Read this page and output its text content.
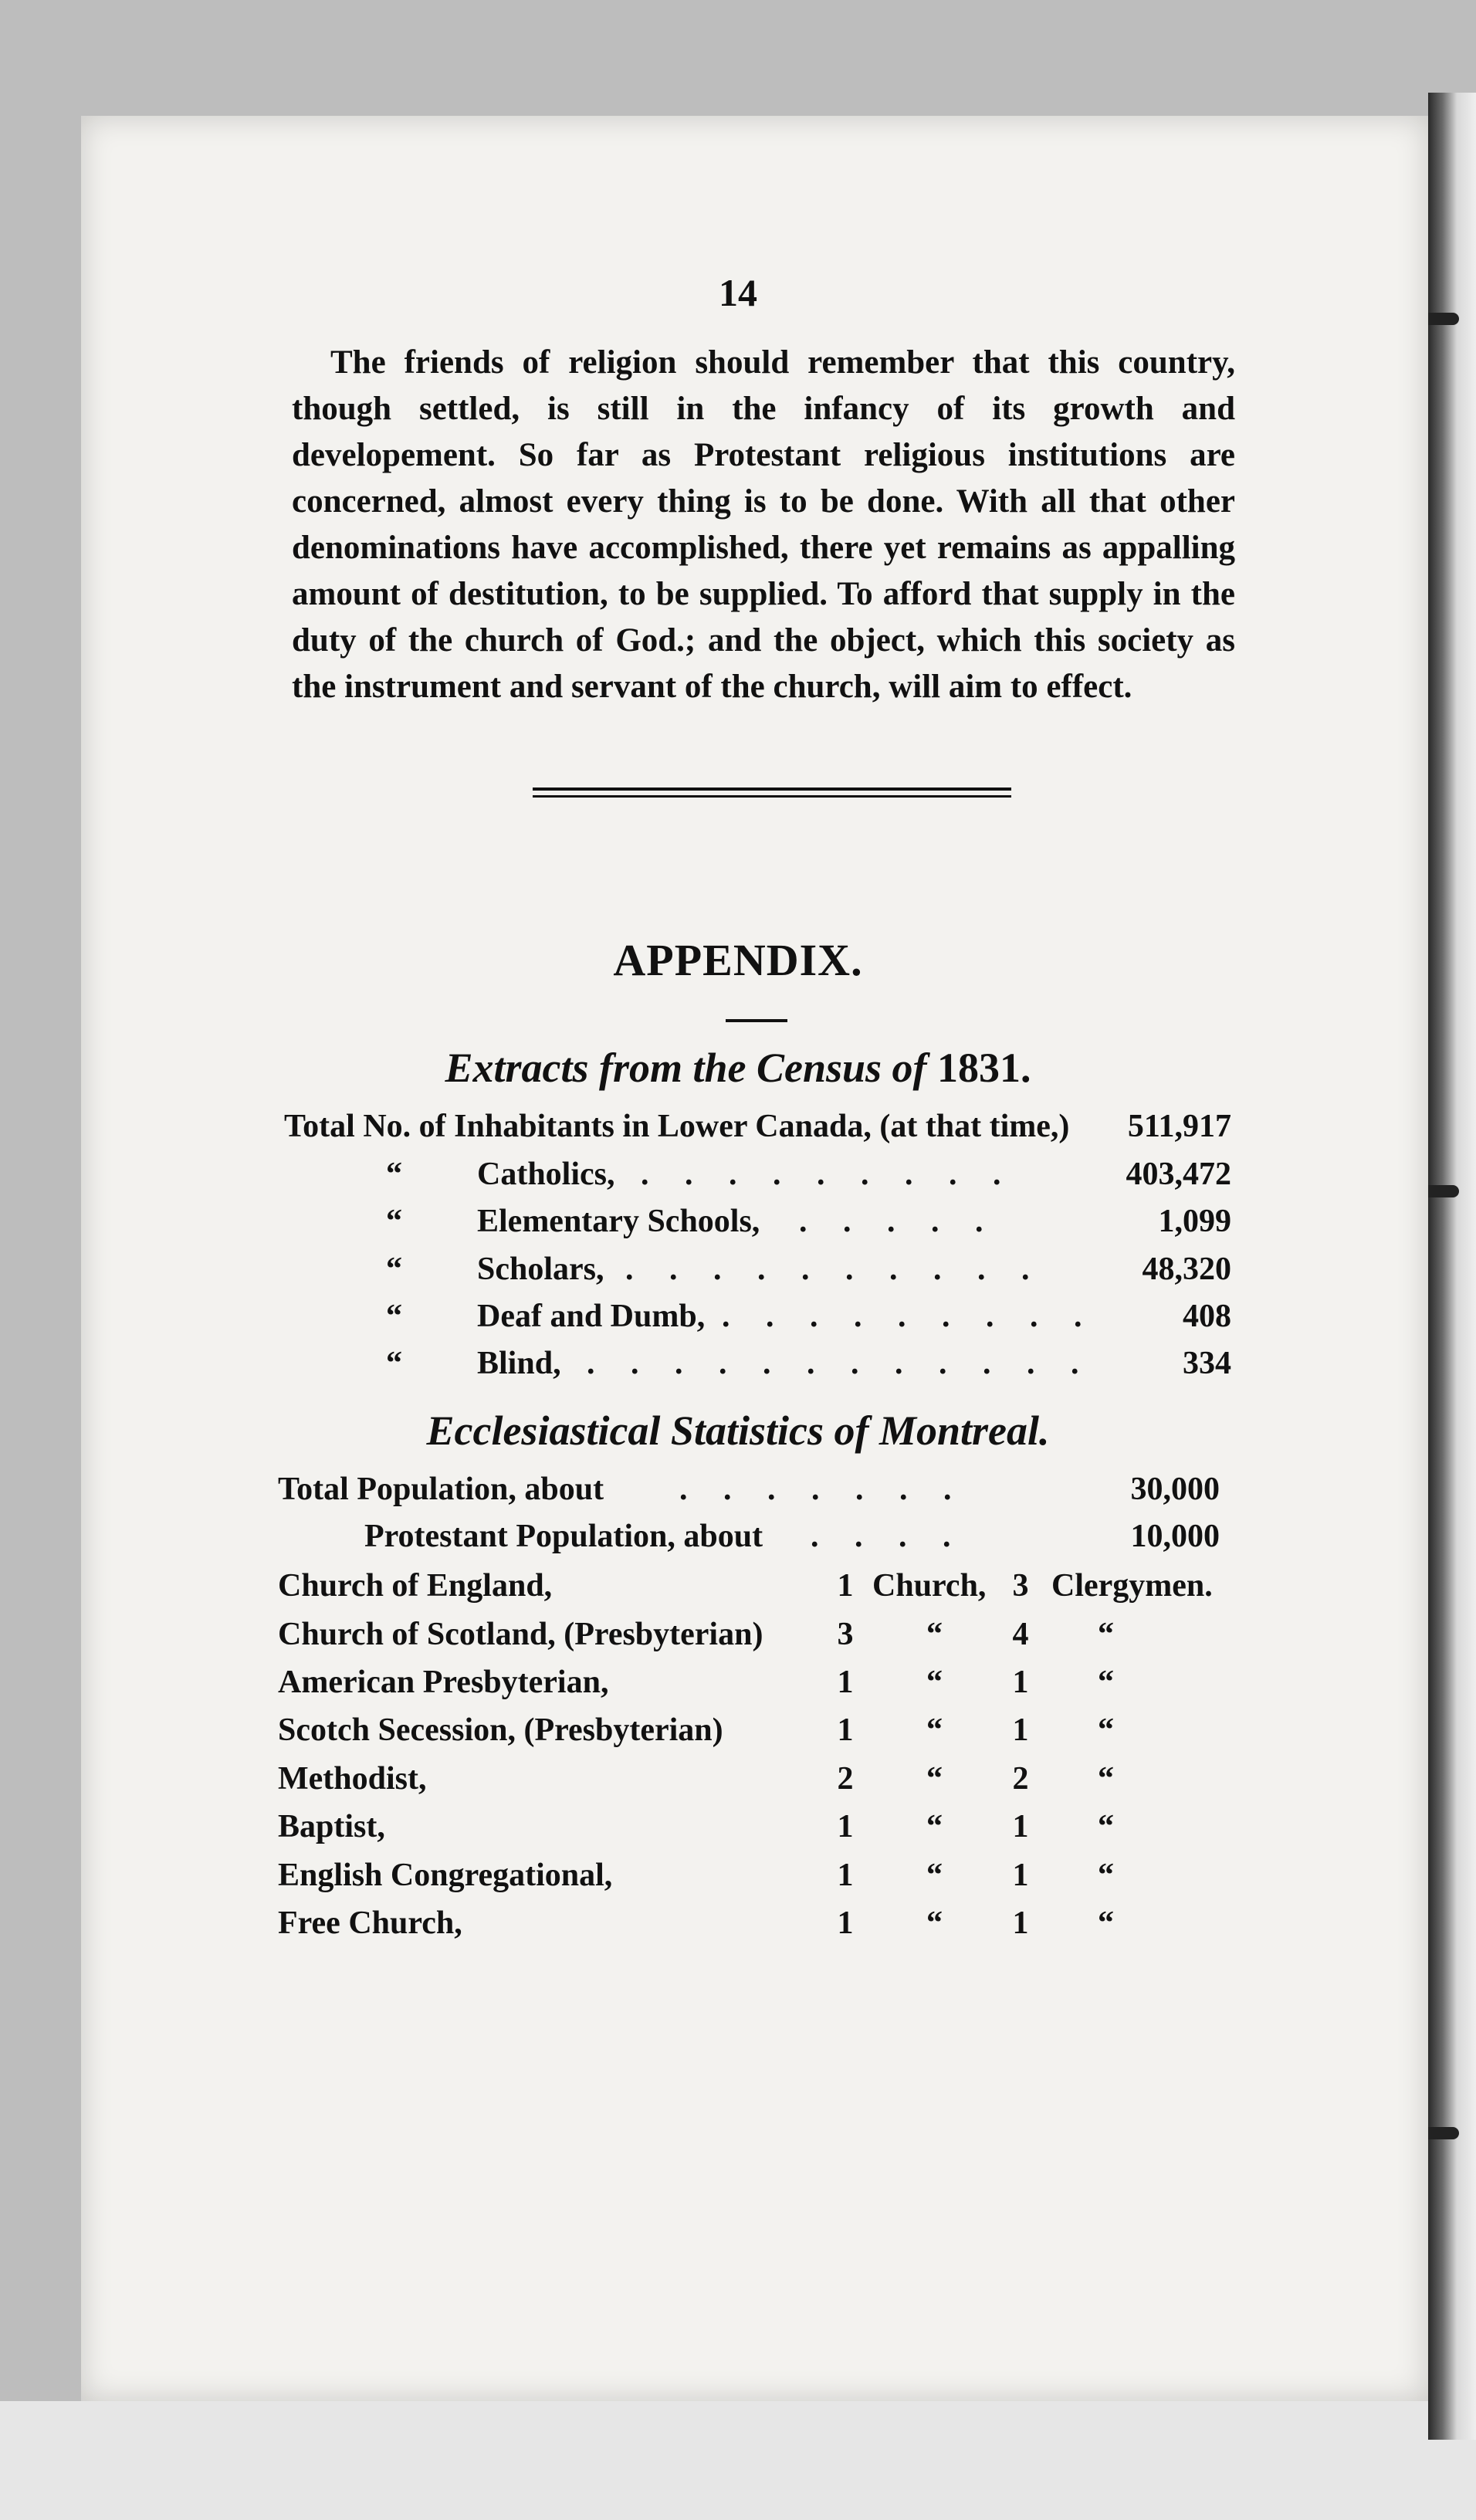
14

The friends of religion should remember that this country, though settled, is still in the infancy of its growth and developement. So far as Protestant religious institutions are concerned, almost every thing is to be done. With all that other denominations have accomplished, there yet remains as appalling amount of destitution, to be supplied. To afford that supply in the duty of the church of God.; and the object, which this society as the instrument and servant of the church, will aim to effect.

APPENDIX.
Extracts from the Census of 1831.
Total No. of Inhabitants in Lower Canada, (at that time,)	511,917
“ Catholics, . . . . . . . . .	403,472
“ Elementary Schools, . . . . .	1,099
“ Scholars, . . . . . . . . . .	48,320
“ Deaf and Dumb, . . . . . . . . .	408
“ Blind, . . . . . . . . . . . .	334
Ecclesiastical Statistics of Montreal.
Total Population, about . . . . . . .	30,000
Protestant Population, about . . . .	10,000
Church of England,	1 Church, 3 Clergymen.
Church of Scotland, (Presbyterian) 3 “ 4 “
American Presbyterian,	1 “ 1 “
Scotch Secession, (Presbyterian)	1 “ 1 “
Methodist,	2 “ 2 “
Baptist,	1 “ 1 “
English Congregational,	1 “ 1 “
Free Church,	1 “ 1 “
